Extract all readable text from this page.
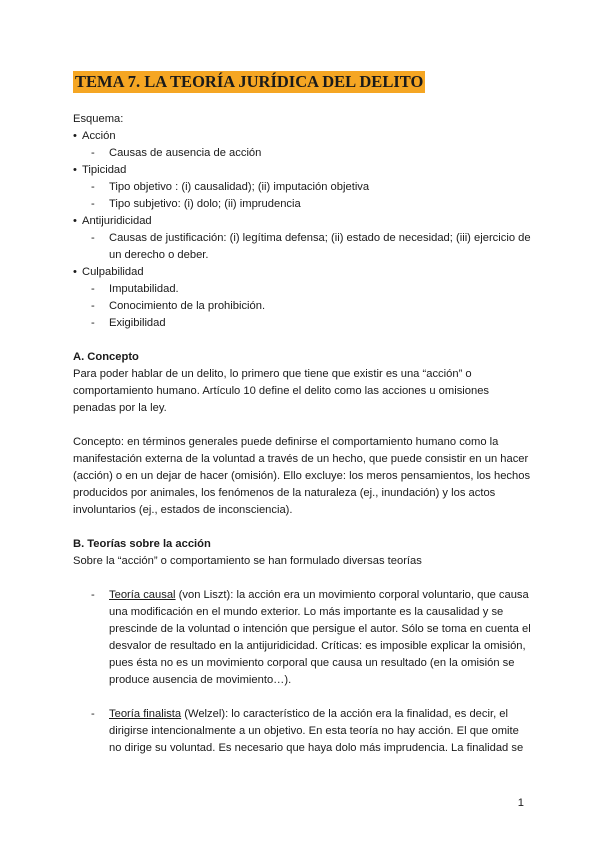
TEMA 7. LA TEORÍA JURÍDICA DEL DELITO
Esquema:
• Acción
- Causas de ausencia de acción
• Tipicidad
- Tipo objetivo : (i) causalidad); (ii) imputación objetiva
- Tipo subjetivo: (i) dolo; (ii) imprudencia
• Antijuridicidad
- Causas de justificación: (i) legítima defensa; (ii) estado de necesidad; (iii) ejercicio de
un derecho o deber.
• Culpabilidad
- Imputabilidad.
- Conocimiento de la prohibición.
- Exigibilidad
A. Concepto
Para poder hablar de un delito, lo primero que tiene que existir es una “acción” o
comportamiento humano. Artículo 10 define el delito como las acciones u omisiones
penadas por la ley.
Concepto: en términos generales puede definirse el comportamiento humano como la
manifestación externa de la voluntad a través de un hecho, que puede consistir en un hacer
(acción) o en un dejar de hacer (omisión). Ello excluye: los meros pensamientos, los hechos
producidos por animales, los fenómenos de la naturaleza (ej., inundación) y los actos
involuntarios (ej., estados de inconsciencia).
B. Teorías sobre la acción
Sobre la “acción” o comportamiento se han formulado diversas teorías
- Teoría causal (von Liszt): la acción era un movimiento corporal voluntario, que causa
una modificación en el mundo exterior. Lo más importante es la causalidad y se
prescinde de la voluntad o intención que persigue el autor. Sólo se toma en cuenta el
desvalor de resultado en la antijuridicidad. Críticas: es imposible explicar la omisión,
pues ésta no es un movimiento corporal que causa un resultado (en la omisión se
produce ausencia de movimiento…).
- Teoría finalista (Welzel): lo característico de la acción era la finalidad, es decir, el
dirigirse intencionalmente a un objetivo. En esta teoría no hay acción. El que omite
no dirige su voluntad. Es necesario que haya dolo más imprudencia. La finalidad se
1
